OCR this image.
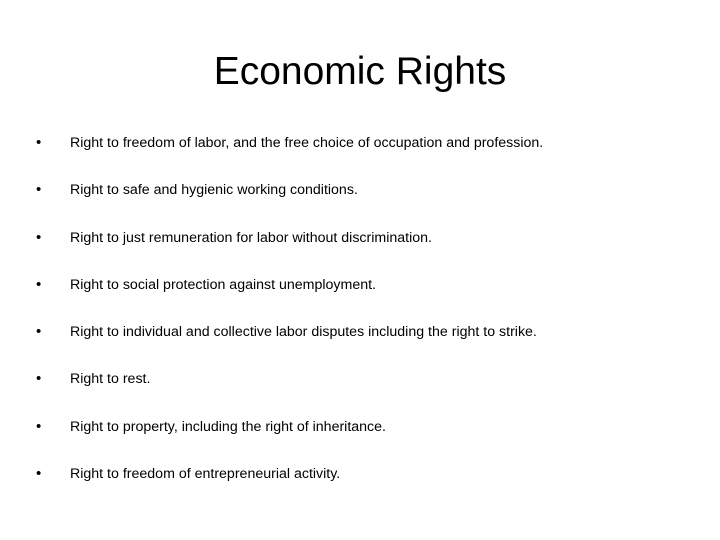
Economic Rights
•	Right to freedom of labor, and the free choice of occupation and profession.
•	Right to safe and hygienic working conditions.
•	Right to just remuneration for labor without discrimination.
•	Right to social protection against unemployment.
•	Right to individual and collective labor disputes including the right to strike.
•	Right to rest.
•	Right to property, including the right of inheritance.
•	Right to freedom of entrepreneurial activity.
